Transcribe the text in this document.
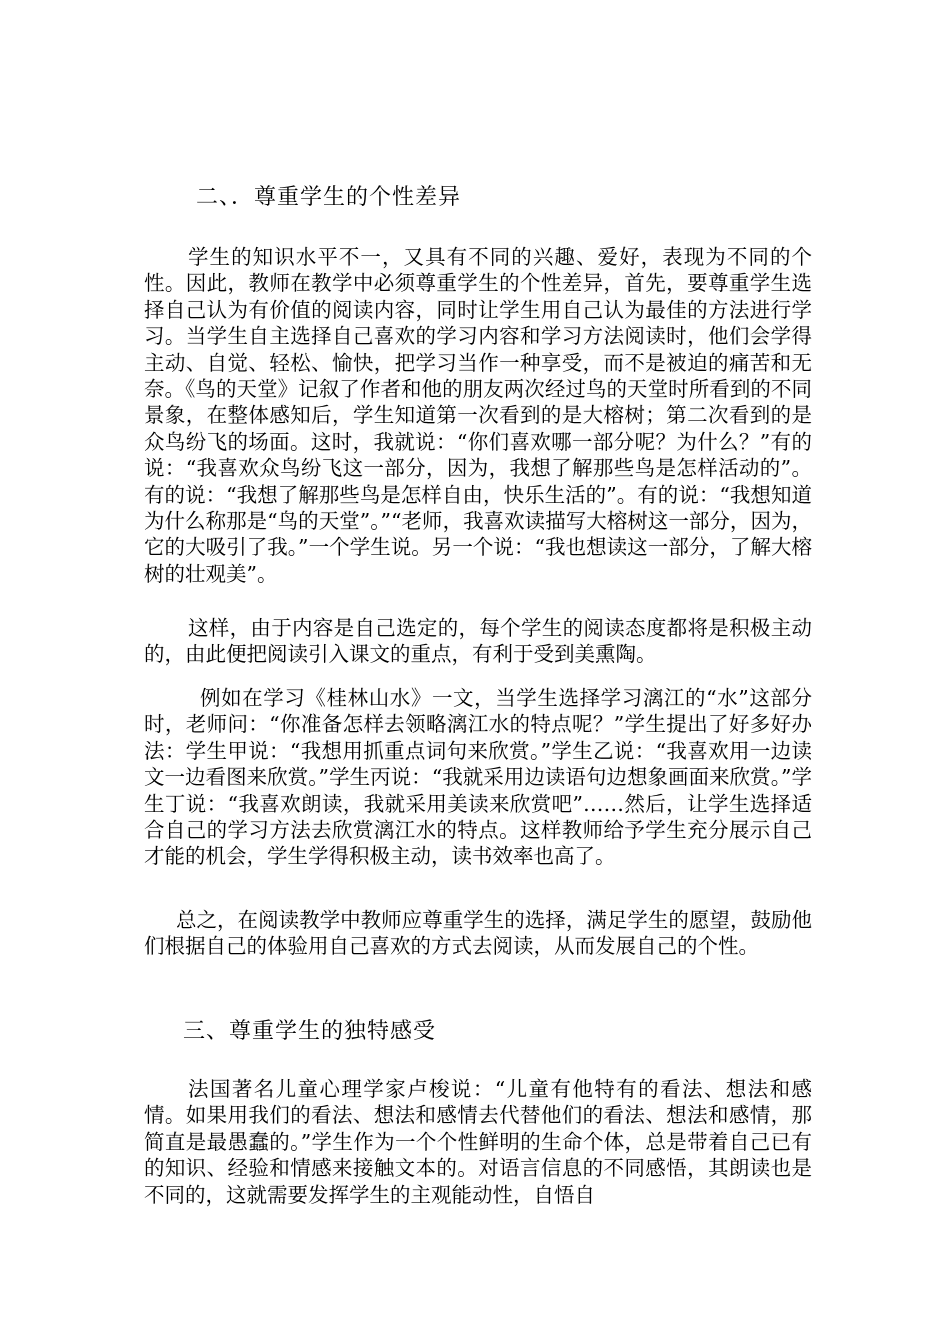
二、．尊重学生的个性差异

学生的知识水平不一，又具有不同的兴趣、爱好，表现为不同的个性。因此，教师在教学中必须尊重学生的个性差异，首先，要尊重学生选择自己认为有价值的阅读内容，同时让学生用自己认为最佳的方法进行学习。当学生自主选择自己喜欢的学习内容和学习方法阅读时，他们会学得主动、自觉、轻松、愉快，把学习当作一种享受，而不是被迫的痛苦和无奈。《鸟的天堂》记叙了作者和他的朋友两次经过鸟的天堂时所看到的不同景象，在整体感知后，学生知道第一次看到的是大榕树；第二次看到的是众鸟纷飞的场面。这时，我就说：“你们喜欢哪一部分呢？为什么？”有的说：“我喜欢众鸟纷飞这一部分，因为，我想了解那些鸟是怎样活动的”。有的说：“我想了解那些鸟是怎样自由，快乐生活的”。有的说：“我想知道为什么称那是“鸟的天堂”。”“老师，我喜欢读描写大榕树这一部分，因为，它的大吸引了我。”一个学生说。另一个说：“我也想读这一部分，了解大榕树的壮观美”。

这样，由于内容是自己选定的，每个学生的阅读态度都将是积极主动的，由此便把阅读引入课文的重点，有利于受到美熏陶。

例如在学习《桂林山水》一文，当学生选择学习漓江的“水”这部分时，老师问：“你准备怎样去领略漓江水的特点呢？”学生提出了好多好办法：学生甲说：“我想用抓重点词句来欣赏。”学生乙说：“我喜欢用一边读文一边看图来欣赏。”学生丙说：“我就采用边读语句边想象画面来欣赏。”学生丁说：“我喜欢朗读，我就采用美读来欣赏吧”……然后，让学生选择适合自己的学习方法去欣赏漓江水的特点。这样教师给予学生充分展示自己才能的机会，学生学得积极主动，读书效率也高了。

总之，在阅读教学中教师应尊重学生的选择，满足学生的愿望，鼓励他们根据自己的体验用自己喜欢的方式去阅读，从而发展自己的个性。

三、尊重学生的独特感受

法国著名儿童心理学家卢梭说：“儿童有他特有的看法、想法和感情。如果用我们的看法、想法和感情去代替他们的看法、想法和感情，那简直是最愚蠢的。”学生作为一个个性鲜明的生命个体，总是带着自己已有的知识、经验和情感来接触文本的。对语言信息的不同感悟，其朗读也是不同的，这就需要发挥学生的主观能动性，自悟自
